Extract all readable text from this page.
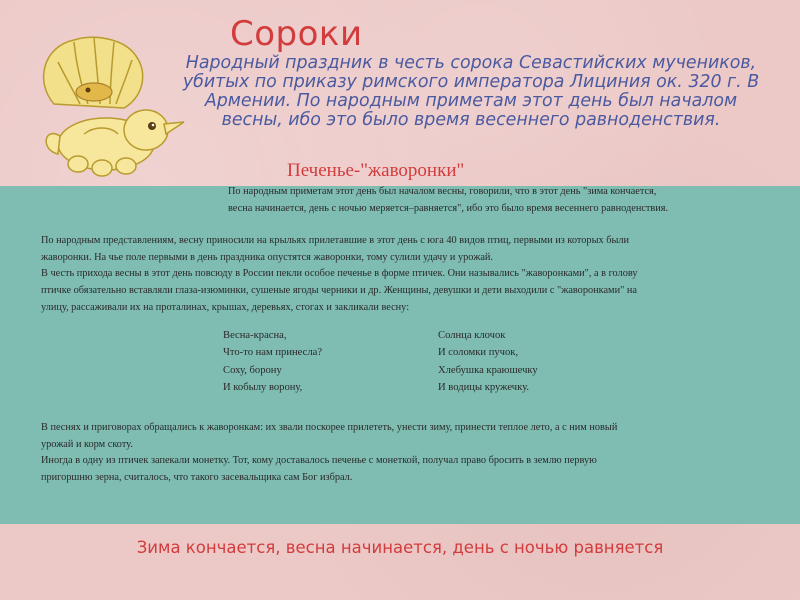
Сороки
Народный праздник в честь сорока Севастийских мучеников, убитых по приказу римского императора Лициния ок. 320 г. В Армении. По народным приметам этот день был началом весны, ибо это было время весеннего равноденствия.
Печенье-"жаворонки"
По народным приметам этот день был началом весны, говорили, что в этот день "зима кончается,
весна начинается, день с ночью меряется–равняется", ибо это было время весеннего равноденствия.
По народным представлениям, весну приносили на крыльях прилетавшие в этот день с юга 40 видов птиц, первыми из которых были
жаворонки. На чье поле первыми в день праздника опустятся жаворонки, тому сулили удачу и урожай.
В честь прихода весны в этот день повсюду в России пекли особое печенье в форме птичек. Они назывались "жаворонками", а в голову
птичке обязательно вставляли глаза-изюминки, сушеные ягоды черники и др. Женщины, девушки и дети выходили с "жаворонками" на
улицу, рассаживали их на проталинах, крышах, деревьях, стогах и закликали весну:
Весна-красна,
Что-то нам принесла?
Соху, борону
И кобылу ворону,
Солнца клочок
И соломки пучок,
Хлебушка краюшечку
И водицы кружечку.
В песнях и приговорах обращались к жаворонкам: их звали поскорее прилететь, унести зиму, принести теплое лето, а с ним новый
урожай и корм скоту.
Иногда в одну из птичек запекали монетку. Тот, кому доставалось печенье с монеткой, получал право бросить в землю первую
пригоршню зерна, считалось, что такого засевальщика сам Бог избрал.
Зима кончается, весна начинается, день с ночью равняется
